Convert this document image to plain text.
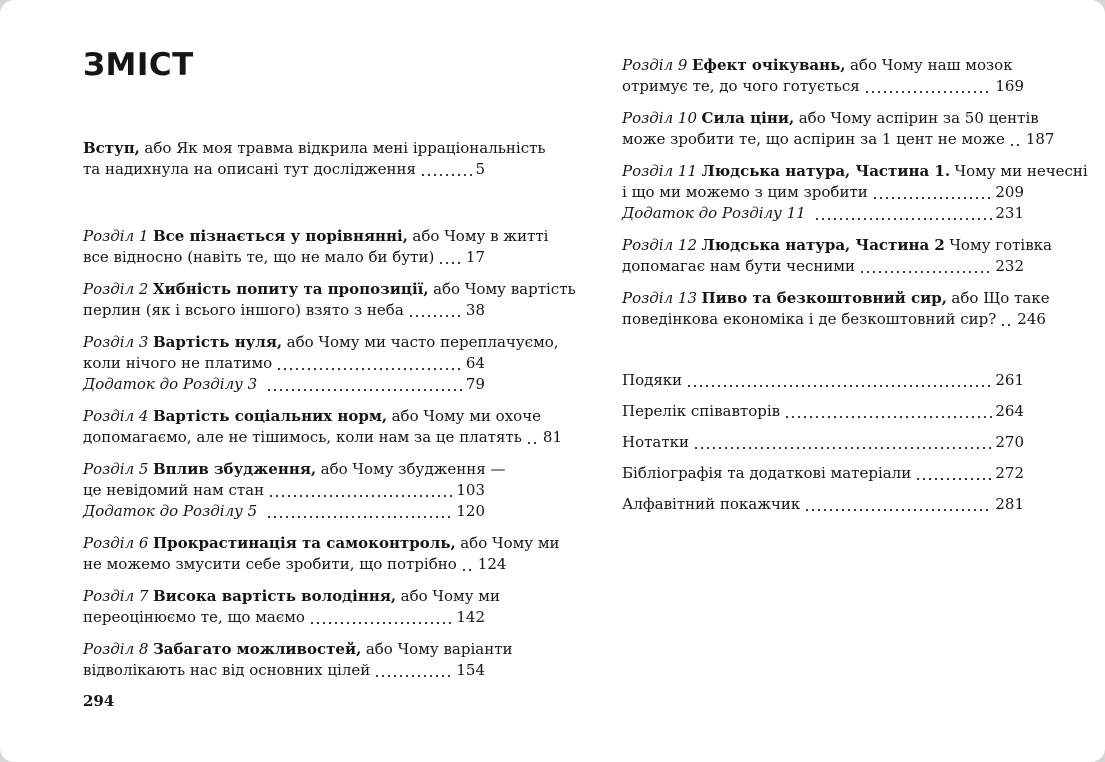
ЗМІСТ
Вступ, або Як моя травма відкрила мені ірраціональність
та надихнула на описані тут дослідження	5
Розділ 1 Все пізнається у порівнянні, або Чому в житті
все відносно (навіть те, що не мало би бути) 17
Розділ 2 Хибність попиту та пропозиції, або Чому вартість
перлин (як і всього іншого) взято з неба	38
Розділ 3 Вартість нуля, або Чому ми часто переплачуємо,
коли нічого не платимо	64
Додаток до Розділу 3	79
Розділ 4 Вартість соціальних норм, або Чому ми охоче
допомагаємо, але не тішимось, коли нам за це платять 81
Розділ 5 Вплив збудження, або Чому збудження —
це невідомий нам стан	103
Додаток до Розділу 5	120
Розділ 6 Прокрастинація та самоконтроль, або Чому ми
не можемо змусити себе зробити, що потрібно 124
Розділ 7 Висока вартість володіння, або Чому ми
переоцінюємо те, що маємо	142
Розділ 8 Забагато можливостей, або Чому варіанти
відволікають нас від основних цілей	154
Розділ 9 Ефект очікувань, або Чому наш мозок
отримує те, до чого готується	169
Розділ 10 Сила ціни, або Чому аспірин за 50 центів
може зробити те, що аспірин за 1 цент не може 187
Розділ 11 Людська натура, Частина 1. Чому ми нечесні
і що ми можемо з цим зробити	209
Додаток до Розділу 11	231
Розділ 12 Людська натура, Частина 2 Чому готівка
допомагає нам бути чесними	232
Розділ 13 Пиво та безкоштовний сир, або Що таке
поведінкова економіка і де безкоштовний сир? 246
Подяки	261
Перелік співавторів	264
Нотатки	270
Бібліографія та додаткові матеріали	272
Алфавітний покажчик	281
294
